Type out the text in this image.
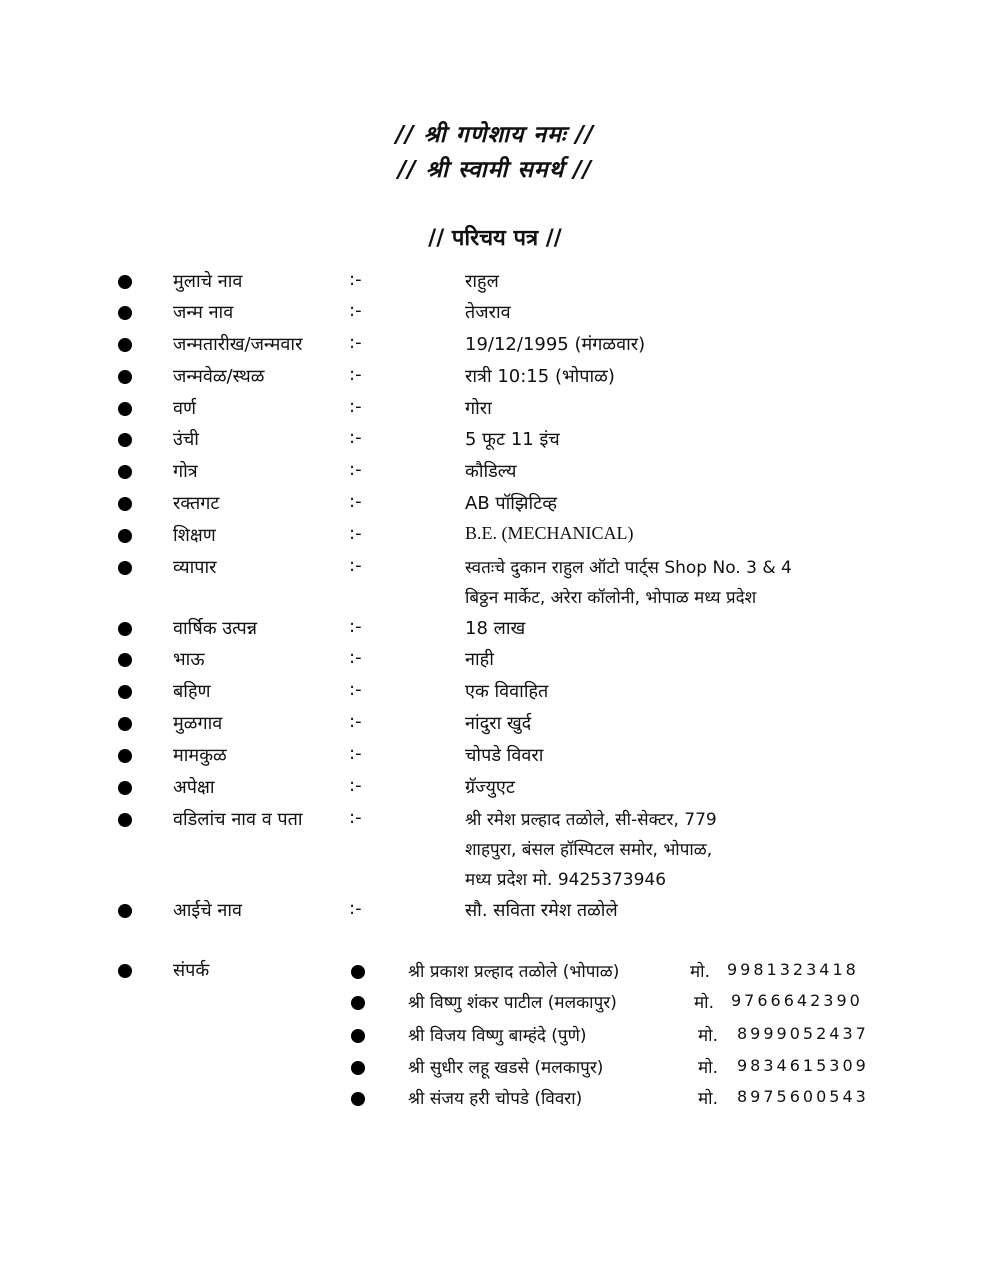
// श्री गणेशाय नमः //
// श्री स्वामी समर्थ //
// परिचय पत्र //
मुलाचे नाव	:-	राहुल
जन्म नाव	:-	तेजराव
जन्मतारीख/जन्मवार	:-	19/12/1995 (मंगळवार)
जन्मवेळ/स्थळ	:-	रात्री 10:15 (भोपाळ)
वर्ण	:-	गोरा
उंची	:-	5 फूट 11 इंच
गोत्र	:-	कौडिल्य
रक्तगट	:-	AB पॉझिटिव्ह
शिक्षण	:-	B.E. (MECHANICAL)
व्यापार	:-	स्वतःचे दुकान राहुल ऑटो पार्ट्स Shop No. 3 & 4
बिठ्ठन मार्केट, अरेरा कॉलोनी, भोपाळ मध्य प्रदेश
वार्षिक उत्पन्न	:-	18 लाख
भाऊ	:-	नाही
बहिण	:-	एक विवाहित
मुळगाव	:-	नांदुरा खुर्द
मामकुळ	:-	चोपडे विवरा
अपेक्षा	:-	ग्रॅज्युएट
वडिलांच नाव व पता	:-	श्री रमेश प्रल्हाद तळोले, सी-सेक्टर, 779
शाहपुरा, बंसल हॉस्पिटल समोर, भोपाळ,
मध्य प्रदेश मो. 9425373946
आईचे नाव	:-	सौ. सविता रमेश तळोले
संपर्क	श्री प्रकाश प्रल्हाद तळोले (भोपाळ)	मो. 9981323418
श्री विष्णु शंकर पाटील (मलकापुर)	मो. 9766642390
श्री विजय विष्णु बाम्हंदे (पुणे)	मो. 8999052437
श्री सुधीर लहू खडसे (मलकापुर)	मो. 9834615309
श्री संजय हरी चोपडे (विवरा)	मो. 8975600543
